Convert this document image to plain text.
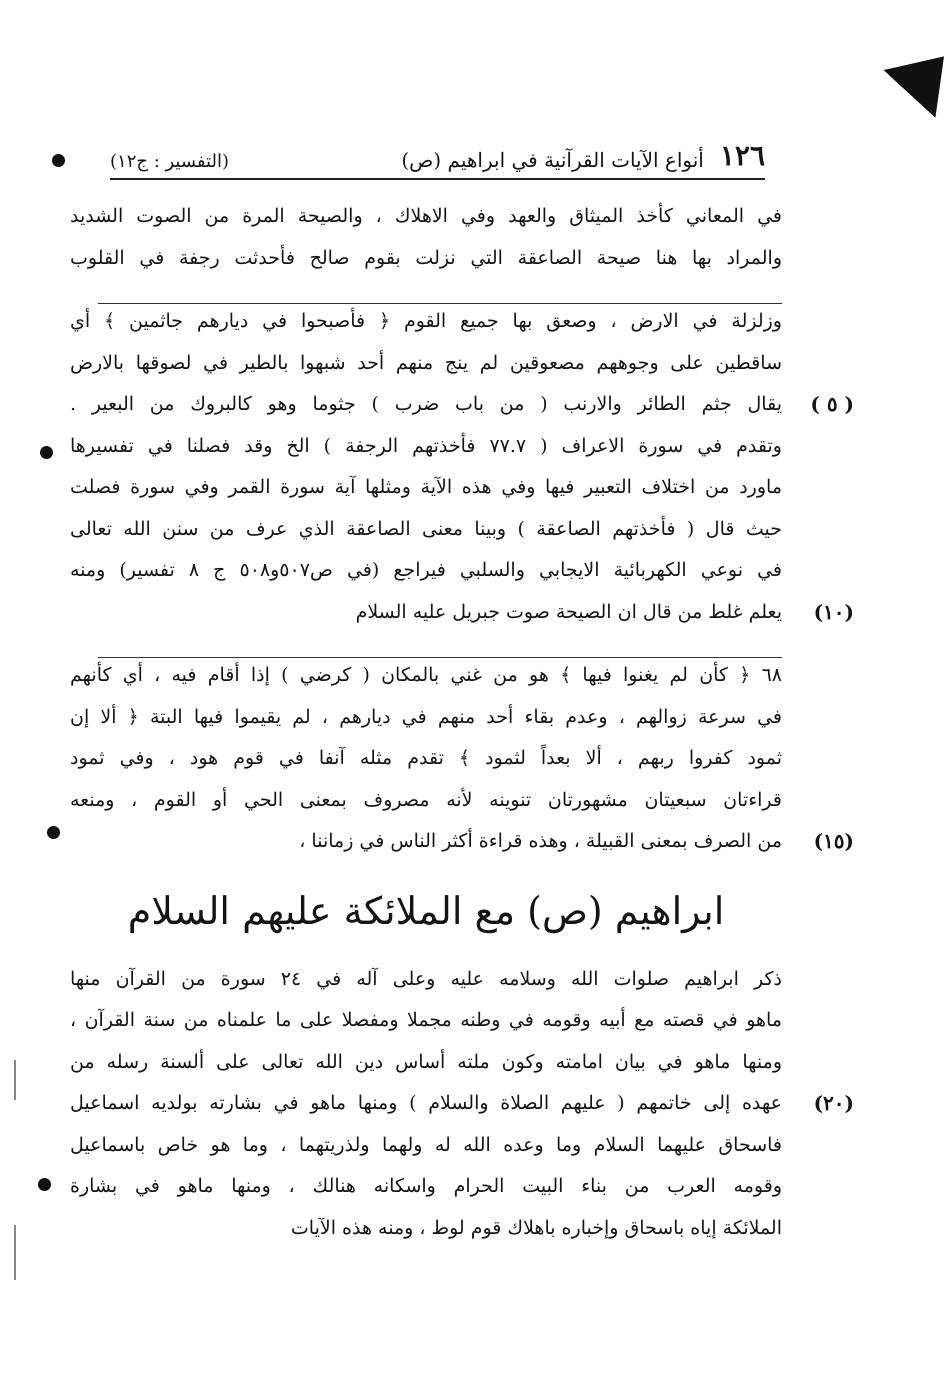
١٢٦
أنواع الآيات القرآنية في ابراهيم (ص)
(التفسير : ج١٢)
في المعاني كأخذ الميثاق والعهد وفي الاهلاك ، والصيحة المرة من الصوت الشديد
والمراد بها هنا صيحة الصاعقة التي نزلت بقوم صالح فأحدثت رجفة في القلوب
وزلزلة في الارض ، وصعق بها جميع القوم ﴿ فأصبحوا في ديارهم جاثمين ﴾ أي
ساقطين على وجوههم مصعوقين لم ينج منهم أحد شبهوا بالطير في لصوقها بالارض
يقال جثم الطائر والارنب ( من باب ضرب ) جثوما وهو كالبروك من البعير . ( ٥ )
وتقدم في سورة الاعراف ( ٧٧.٧ فأخذتهم الرجفة ) الخ وقد فصلنا في تفسيرها
ماورد من اختلاف التعبير فيها وفي هذه الآية ومثلها آية سورة القمر وفي سورة فصلت
حيث قال ( فأخذتهم الصاعقة ) وبينا معنى الصاعقة الذي عرف من سنن الله تعالى
في نوعي الكهربائية الايجابي والسلبي فيراجع (في ص٥٠٧و٥٠٨ ج ٨ تفسير) ومنه
يعلم غلط من قال ان الصيحة صوت جبريل عليه السلام (١٠)
٦٨ ﴿ كأن لم يغنوا فيها ﴾ هو من غني بالمكان ( كرضي ) إذا أقام فيه ، أي كأنهم
في سرعة زوالهم ، وعدم بقاء أحد منهم في ديارهم ، لم يقيموا فيها البتة ﴿ ألا إن
ثمود كفروا ربهم ، ألا بعداً لثمود ﴾ تقدم مثله آنفا في قوم هود ، وفي ثمود
قراءتان سبعيتان مشهورتان تنوينه لأنه مصروف بمعنى الحي أو القوم ، ومنعه
من الصرف بمعنى القبيلة ، وهذه قراءة أكثر الناس في زماننا ، (١٥)
ابراهيم (ص) مع الملائكة عليهم السلام
ذكر ابراهيم صلوات الله وسلامه عليه وعلى آله في ٢٤ سورة من القرآن منها
ماهو في قصته مع أبيه وقومه في وطنه مجملا ومفصلا على ما علمناه من سنة القرآن ،
ومنها ماهو في بيان امامته وكون ملته أساس دين الله تعالى على ألسنة رسله من
عهده إلى خاتمهم ( عليهم الصلاة والسلام ) ومنها ماهو في بشارته بولديه اسماعيل (٢٠)
فاسحاق عليهما السلام وما وعده الله له ولهما ولذريتهما ، وما هو خاص باسماعيل
وقومه العرب من بناء البيت الحرام واسكانه هنالك ، ومنها ماهو في بشارة
الملائكة إياه باسحاق وإخباره باهلاك قوم لوط ، ومنه هذه الآيات
